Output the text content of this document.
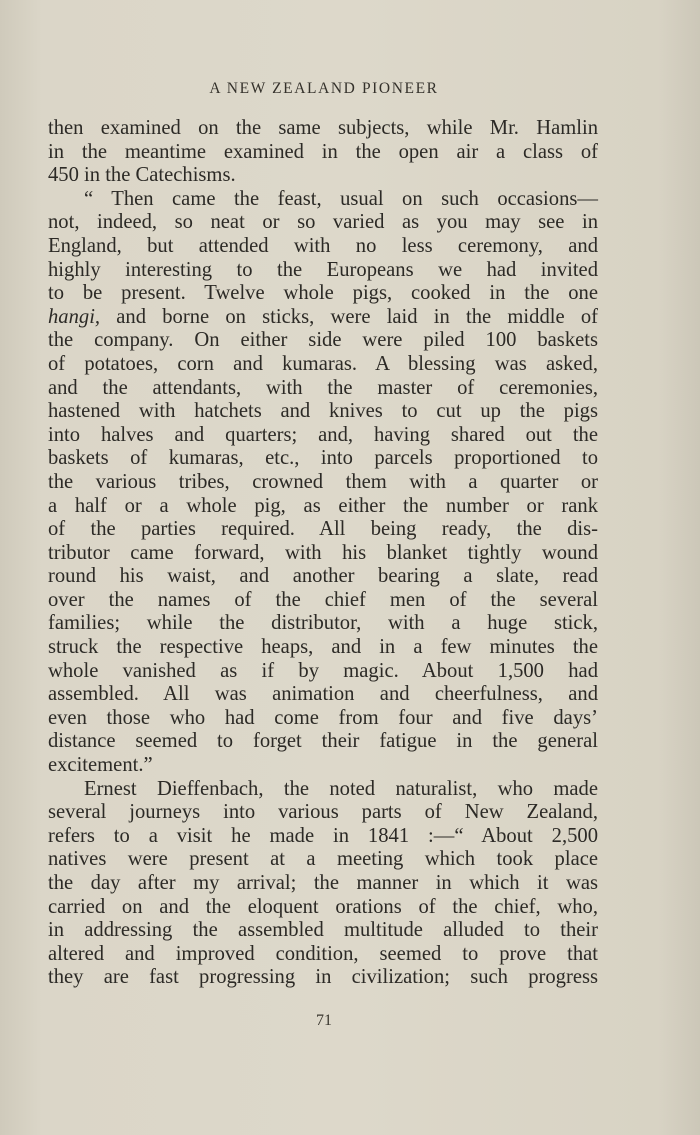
A NEW ZEALAND PIONEER
then examined on the same subjects, while Mr. Hamlin
in the meantime examined in the open air a class of
450 in the Catechisms.
“ Then came the feast, usual on such occasions—
not, indeed, so neat or so varied as you may see in
England, but attended with no less ceremony, and
highly interesting to the Europeans we had invited
to be present. Twelve whole pigs, cooked in the one
hangi, and borne on sticks, were laid in the middle of
the company. On either side were piled 100 baskets
of potatoes, corn and kumaras. A blessing was asked,
and the attendants, with the master of ceremonies,
hastened with hatchets and knives to cut up the pigs
into halves and quarters; and, having shared out the
baskets of kumaras, etc., into parcels proportioned to
the various tribes, crowned them with a quarter or
a half or a whole pig, as either the number or rank
of the parties required. All being ready, the dis-
tributor came forward, with his blanket tightly wound
round his waist, and another bearing a slate, read
over the names of the chief men of the several
families; while the distributor, with a huge stick,
struck the respective heaps, and in a few minutes the
whole vanished as if by magic. About 1,500 had
assembled. All was animation and cheerfulness, and
even those who had come from four and five days’
distance seemed to forget their fatigue in the general
excitement.”
Ernest Dieffenbach, the noted naturalist, who made
several journeys into various parts of New Zealand,
refers to a visit he made in 1841 :—“ About 2,500
natives were present at a meeting which took place
the day after my arrival; the manner in which it was
carried on and the eloquent orations of the chief, who,
in addressing the assembled multitude alluded to their
altered and improved condition, seemed to prove that
they are fast progressing in civilization; such progress
71
